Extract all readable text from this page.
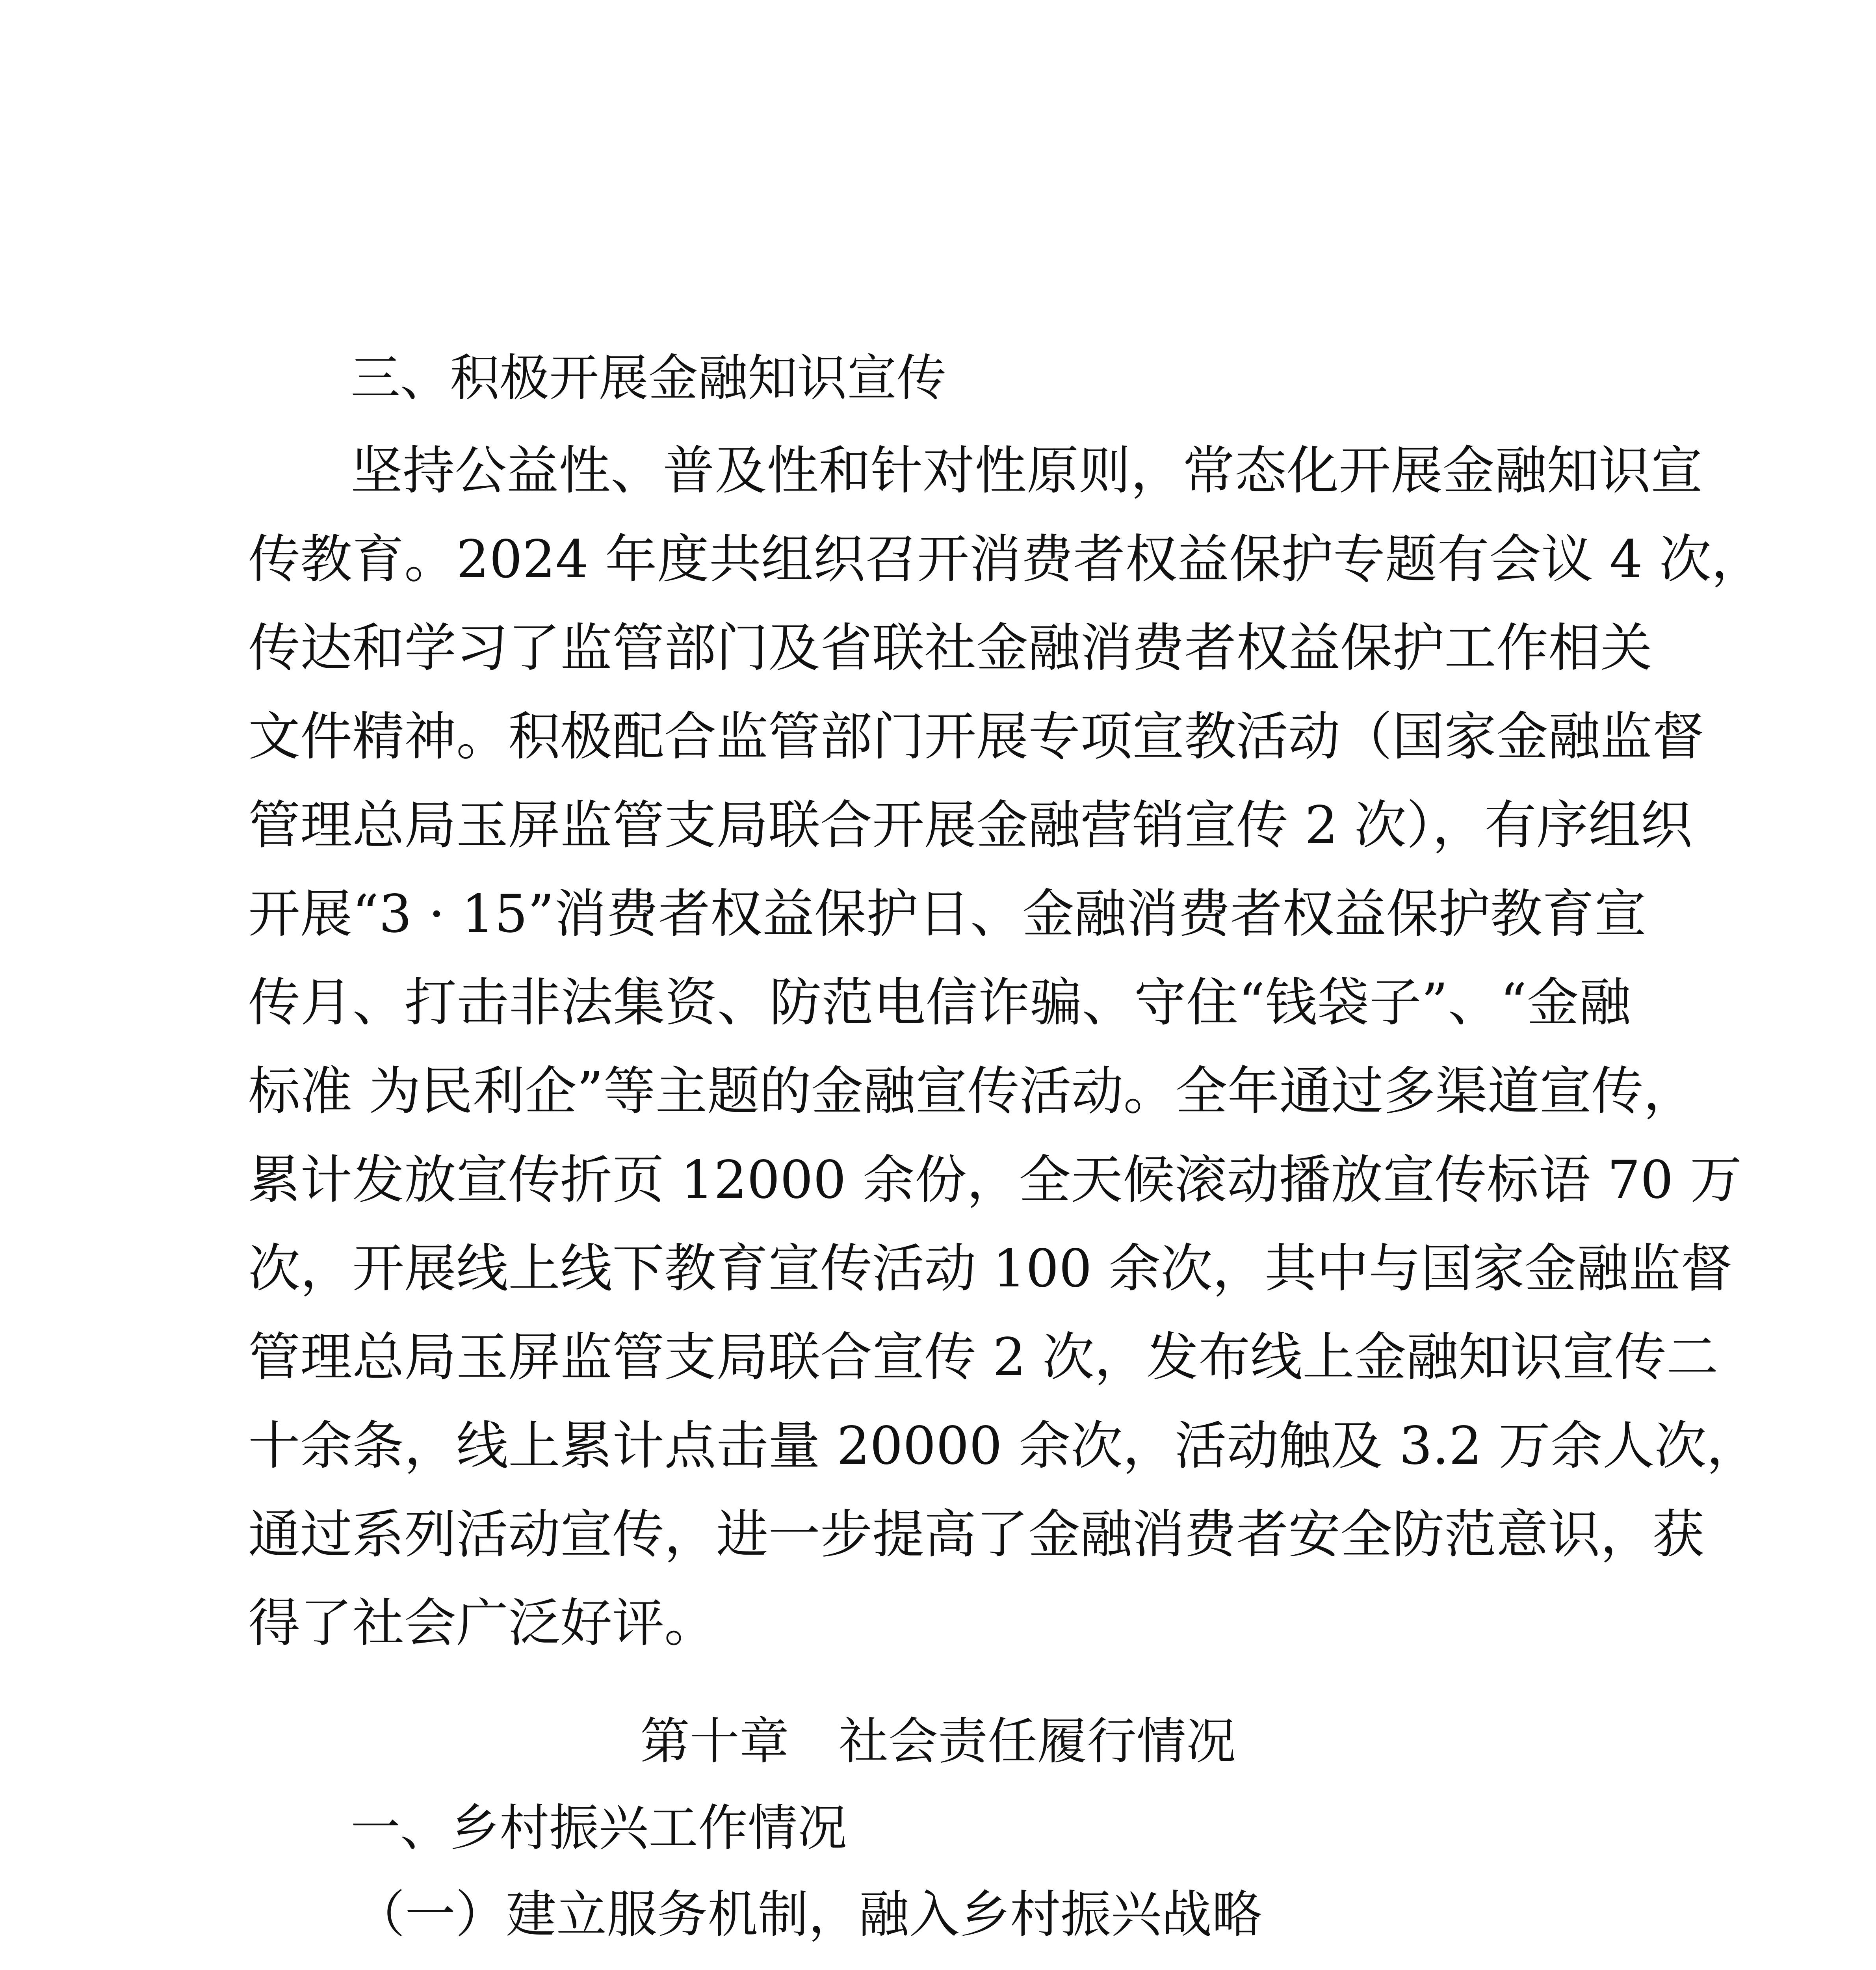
三、积极开展金融知识宣传
坚持公益性、普及性和针对性原则，常态化开展金融知识宣
传教育。2024 年度共组织召开消费者权益保护专题有会议 4 次，
传达和学习了监管部门及省联社金融消费者权益保护工作相关
文件精神。积极配合监管部门开展专项宣教活动（国家金融监督
管理总局玉屏监管支局联合开展金融营销宣传 2 次），有序组织
开展“3 · 15”消费者权益保护日、金融消费者权益保护教育宣
传月、打击非法集资、防范电信诈骗、守住“钱袋子”、“金融
标准 为民利企”等主题的金融宣传活动。全年通过多渠道宣传，
累计发放宣传折页 12000 余份，全天候滚动播放宣传标语 70 万
次，开展线上线下教育宣传活动 100 余次，其中与国家金融监督
管理总局玉屏监管支局联合宣传 2 次，发布线上金融知识宣传二
十余条，线上累计点击量 20000 余次，活动触及 3.2 万余人次，
通过系列活动宣传，进一步提高了金融消费者安全防范意识，获
得了社会广泛好评。
第十章　社会责任履行情况
一、乡村振兴工作情况
（一）建立服务机制，融入乡村振兴战略
